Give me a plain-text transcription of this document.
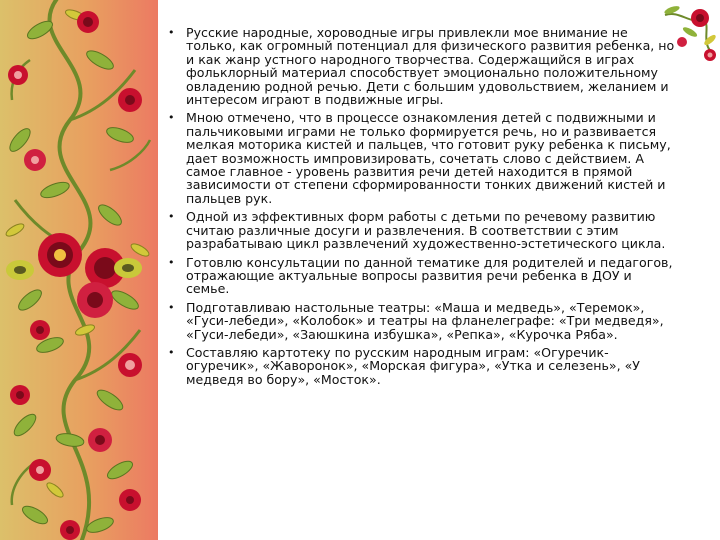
• Русские народные, хороводные игры привлекли мое внимание не только, как огромный потенциал для физического развития ребенка, но и как жанр устного народного творчества. Содержащийся в играх фольклорный материал способствует эмоционально положительному овладению родной речью. Дети с большим удовольствием, желанием и интересом играют в подвижные игры.
• Мною отмечено, что в процессе ознакомления детей с подвижными и пальчиковыми играми не только формируется речь, но и развивается мелкая моторика кистей и пальцев, что готовит руку ребенка к письму, дает возможность импровизировать, сочетать слово с действием. А самое главное - уровень развития речи детей находится в прямой зависимости от степени сформированности тонких движений кистей и пальцев рук.
• Одной из эффективных форм работы с детьми по речевому развитию считаю различные досуги и развлечения. В соответствии с этим разрабатываю цикл развлечений художественно-эстетического цикла.
• Готовлю консультации по данной тематике для родителей и педагогов, отражающие актуальные вопросы развития речи ребенка в ДОУ и семье.
• Подготавливаю настольные театры: «Маша и медведь», «Теремок», «Гуси-лебеди», «Колобок» и театры на фланелеграфе: «Три медведя», «Гуси-лебеди», «Заюшкина избушка», «Репка», «Курочка Ряба».
• Составляю картотеку по русским народным играм: «Огуречик-огуречик», «Жаворонок», «Морская фигура», «Утка и селезень», «У медведя во бору», «Мосток».
